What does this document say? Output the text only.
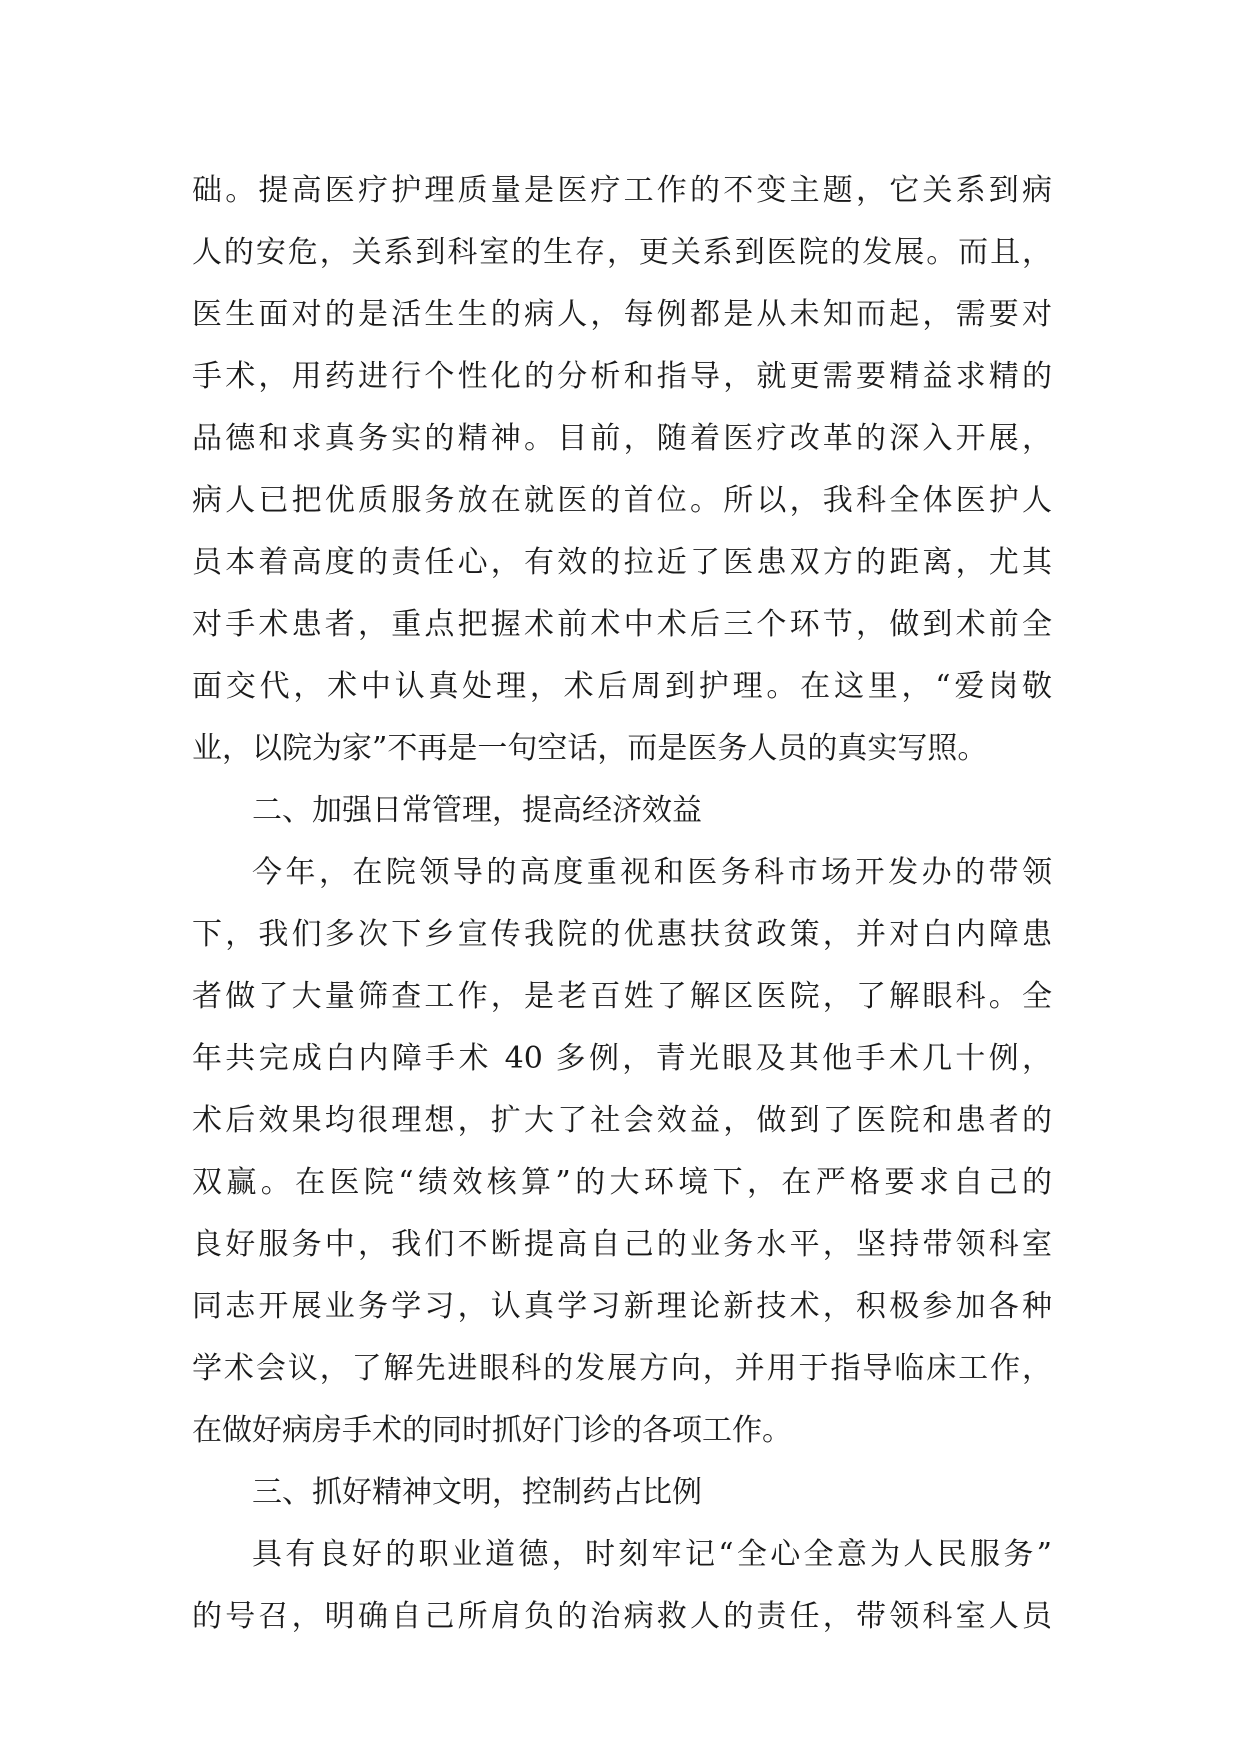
础。提高医疗护理质量是医疗工作的不变主题，它关系到病
人的安危，关系到科室的生存，更关系到医院的发展。而且，
医生面对的是活生生的病人，每例都是从未知而起，需要对
手术，用药进行个性化的分析和指导，就更需要精益求精的
品德和求真务实的精神。目前，随着医疗改革的深入开展，
病人已把优质服务放在就医的首位。所以，我科全体医护人
员本着高度的责任心，有效的拉近了医患双方的距离，尤其
对手术患者，重点把握术前术中术后三个环节，做到术前全
面交代，术中认真处理，术后周到护理。在这里，“爱岗敬
业，以院为家”不再是一句空话，而是医务人员的真实写照。
二、加强日常管理，提高经济效益
今年，在院领导的高度重视和医务科市场开发办的带领
下，我们多次下乡宣传我院的优惠扶贫政策，并对白内障患
者做了大量筛查工作，是老百姓了解区医院，了解眼科。全
年共完成白内障手术 40 多例，青光眼及其他手术几十例，
术后效果均很理想，扩大了社会效益，做到了医院和患者的
双赢。在医院“绩效核算”的大环境下，在严格要求自己的
良好服务中，我们不断提高自己的业务水平，坚持带领科室
同志开展业务学习，认真学习新理论新技术，积极参加各种
学术会议，了解先进眼科的发展方向，并用于指导临床工作，
在做好病房手术的同时抓好门诊的各项工作。
三、抓好精神文明，控制药占比例
具有良好的职业道德，时刻牢记“全心全意为人民服务”
的号召，明确自己所肩负的治病救人的责任，带领科室人员
